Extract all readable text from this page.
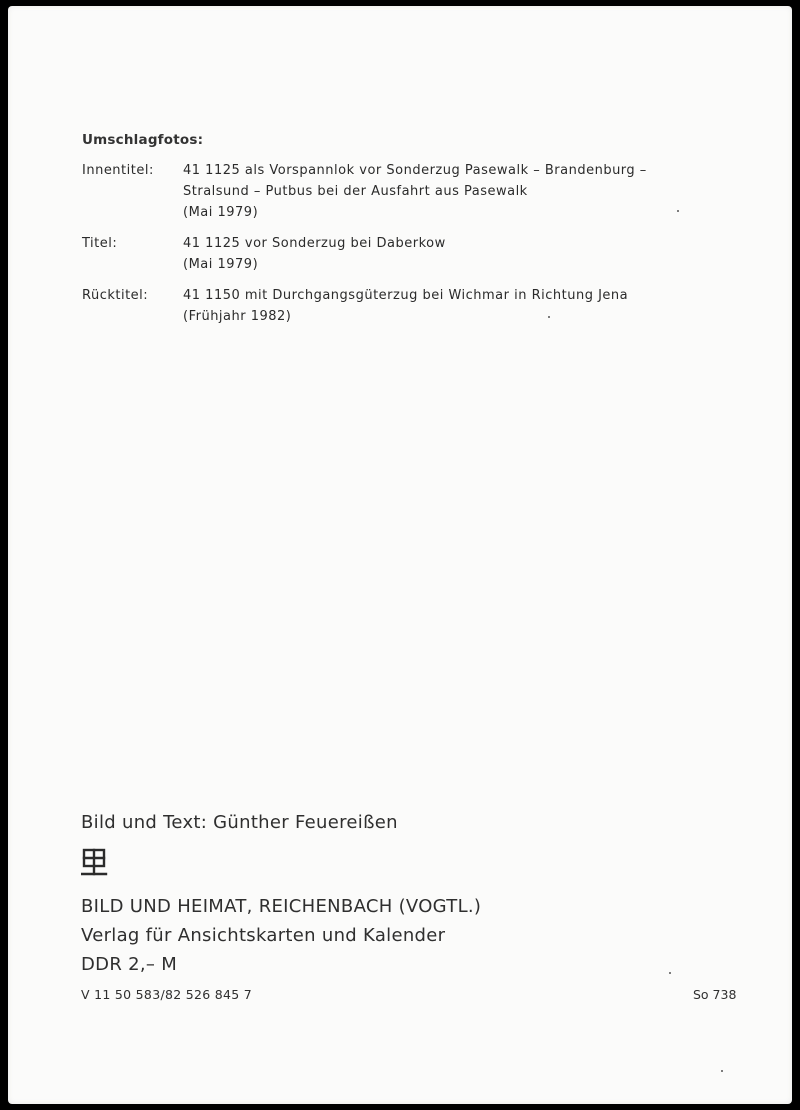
Umschlagfotos:
Innentitel:	41 1125 als Vorspannlok vor Sonderzug Pasewalk – Brandenburg –
Stralsund – Putbus bei der Ausfahrt aus Pasewalk
(Mai 1979)
Titel:	41 1125 vor Sonderzug bei Daberkow
(Mai 1979)
Rücktitel:	41 1150 mit Durchgangsgüterzug bei Wichmar in Richtung Jena
(Frühjahr 1982)
Bild und Text: Günther Feuereißen
BILD UND HEIMAT, REICHENBACH (VOGTL.)
Verlag für Ansichtskarten und Kalender
DDR 2,– M
V 11 50 583/82 526 845 7	So 738
